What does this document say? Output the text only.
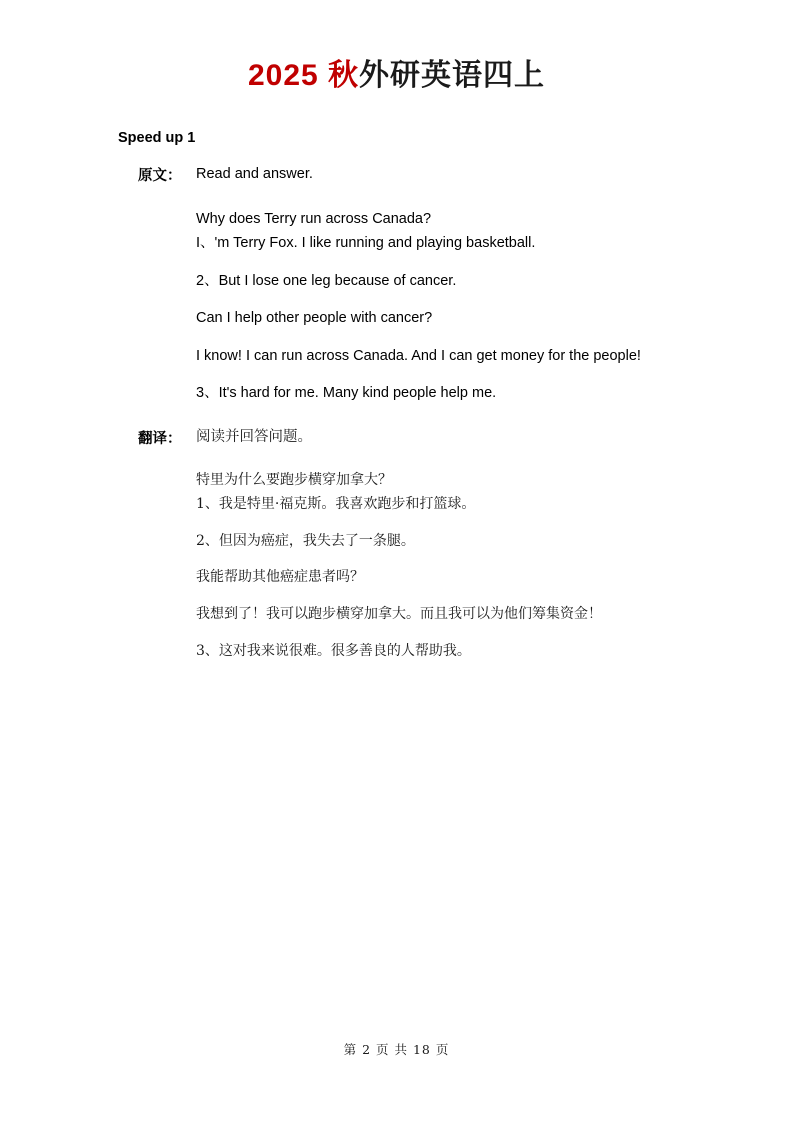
2025 秋外研英语四上
Speed up 1
原文： Read and answer.
Why does Terry run across Canada?
I、'm Terry Fox. I like running and playing basketball.
2、But I lose one leg because of cancer.
Can I help other people with cancer?
I know! I can run across Canada. And I can get money for the people!
3、It's hard for me. Many kind people help me.
翻译： 阅读并回答问题。
特里为什么要跑步横穿加拿大？
1、我是特里·福克斯。我喜欢跑步和打篮球。
2、但因为癌症，我失去了一条腿。
我能帮助其他癌症患者吗？
我想到了！我可以跑步横穿加拿大。而且我可以为他们筹集资金！
3、这对我来说很难。很多善良的人帮助我。
第 2 页 共 18 页
